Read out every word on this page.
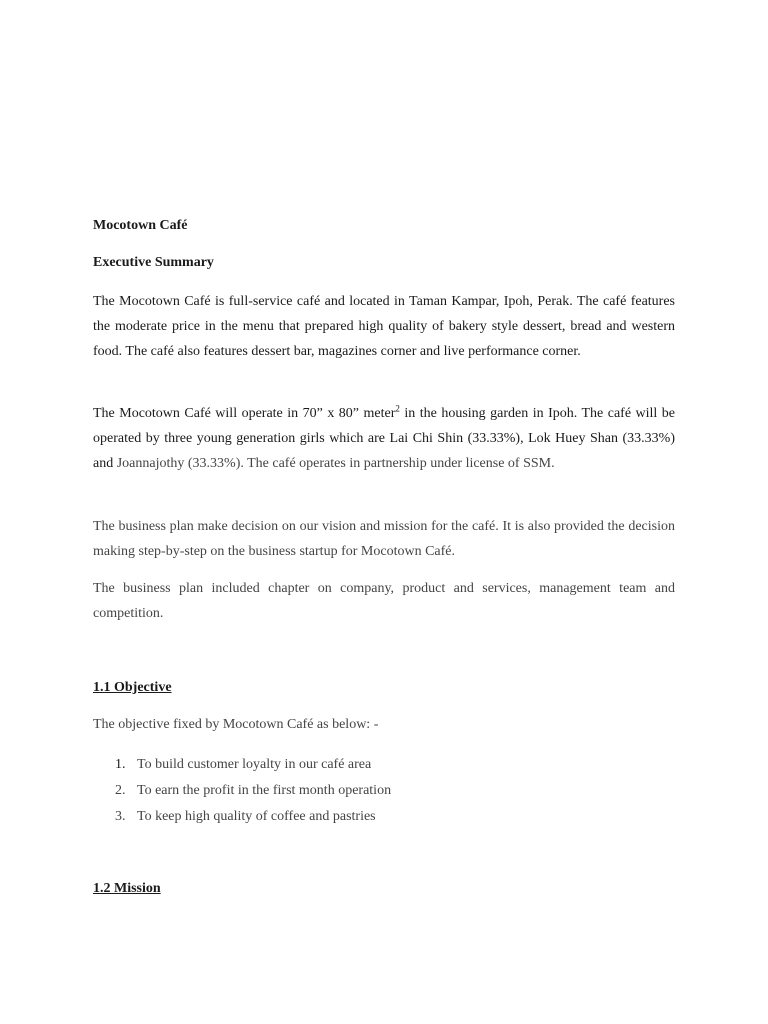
Mocotown Café

Executive Summary

The Mocotown Café is full-service café and located in Taman Kampar, Ipoh, Perak. The café features the moderate price in the menu that prepared high quality of bakery style dessert, bread and western food. The café also features dessert bar, magazines corner and live performance corner.

The Mocotown Café will operate in 70” x 80” meter$^2$ in the housing garden in Ipoh. The café will be operated by three young generation girls which are Lai Chi Shin (33.33%), Lok Huey Shan (33.33%) and Joannajothy (33.33%). The café operates in partnership under license of SSM.

The business plan make decision on our vision and mission for the café. It is also provided the decision making step-by-step on the business startup for Mocotown Café.

The business plan included chapter on company, product and services, management team and competition.

1.1 Objective

The objective fixed by Mocotown Café as below: -

1. To build customer loyalty in our café area
2. To earn the profit in the first month operation
3. To keep high quality of coffee and pastries

1.2 Mission
